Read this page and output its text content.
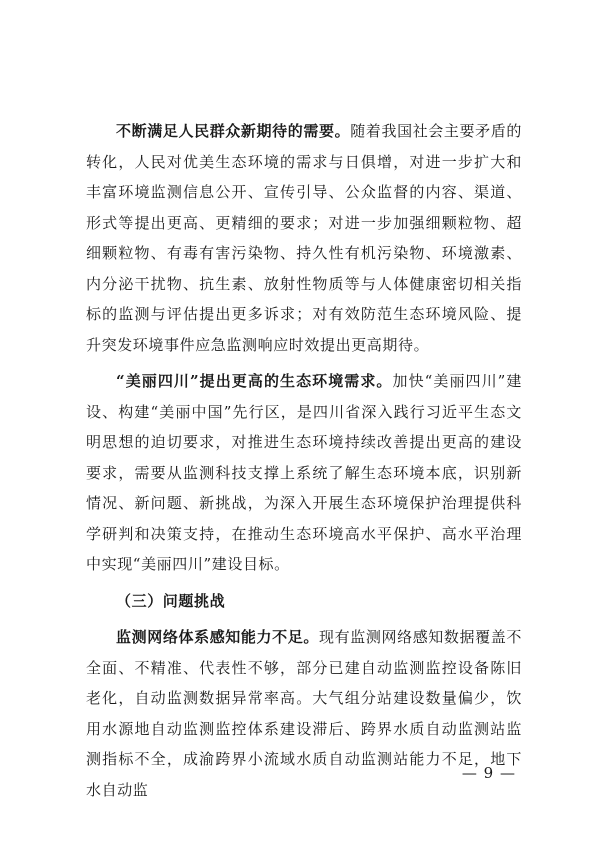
不断满足人民群众新期待的需要。随着我国社会主要矛盾的转化，人民对优美生态环境的需求与日俱增，对进一步扩大和丰富环境监测信息公开、宣传引导、公众监督的内容、渠道、形式等提出更高、更精细的要求；对进一步加强细颗粒物、超细颗粒物、有毒有害污染物、持久性有机污染物、环境激素、内分泌干扰物、抗生素、放射性物质等与人体健康密切相关指标的监测与评估提出更多诉求；对有效防范生态环境风险、提升突发环境事件应急监测响应时效提出更高期待。

“美丽四川”提出更高的生态环境需求。加快“美丽四川”建设、构建“美丽中国”先行区，是四川省深入践行习近平生态文明思想的迫切要求，对推进生态环境持续改善提出更高的建设要求，需要从监测科技支撑上系统了解生态环境本底，识别新情况、新问题、新挑战，为深入开展生态环境保护治理提供科学研判和决策支持，在推动生态环境高水平保护、高水平治理中实现“美丽四川”建设目标。

（三）问题挑战

监测网络体系感知能力不足。现有监测网络感知数据覆盖不全面、不精准、代表性不够，部分已建自动监测监控设备陈旧老化，自动监测数据异常率高。大气组分站建设数量偏少，饮用水源地自动监测监控体系建设滞后、跨界水质自动监测站监测指标不全，成渝跨界小流域水质自动监测站能力不足，地下水自动监

— 9 —
